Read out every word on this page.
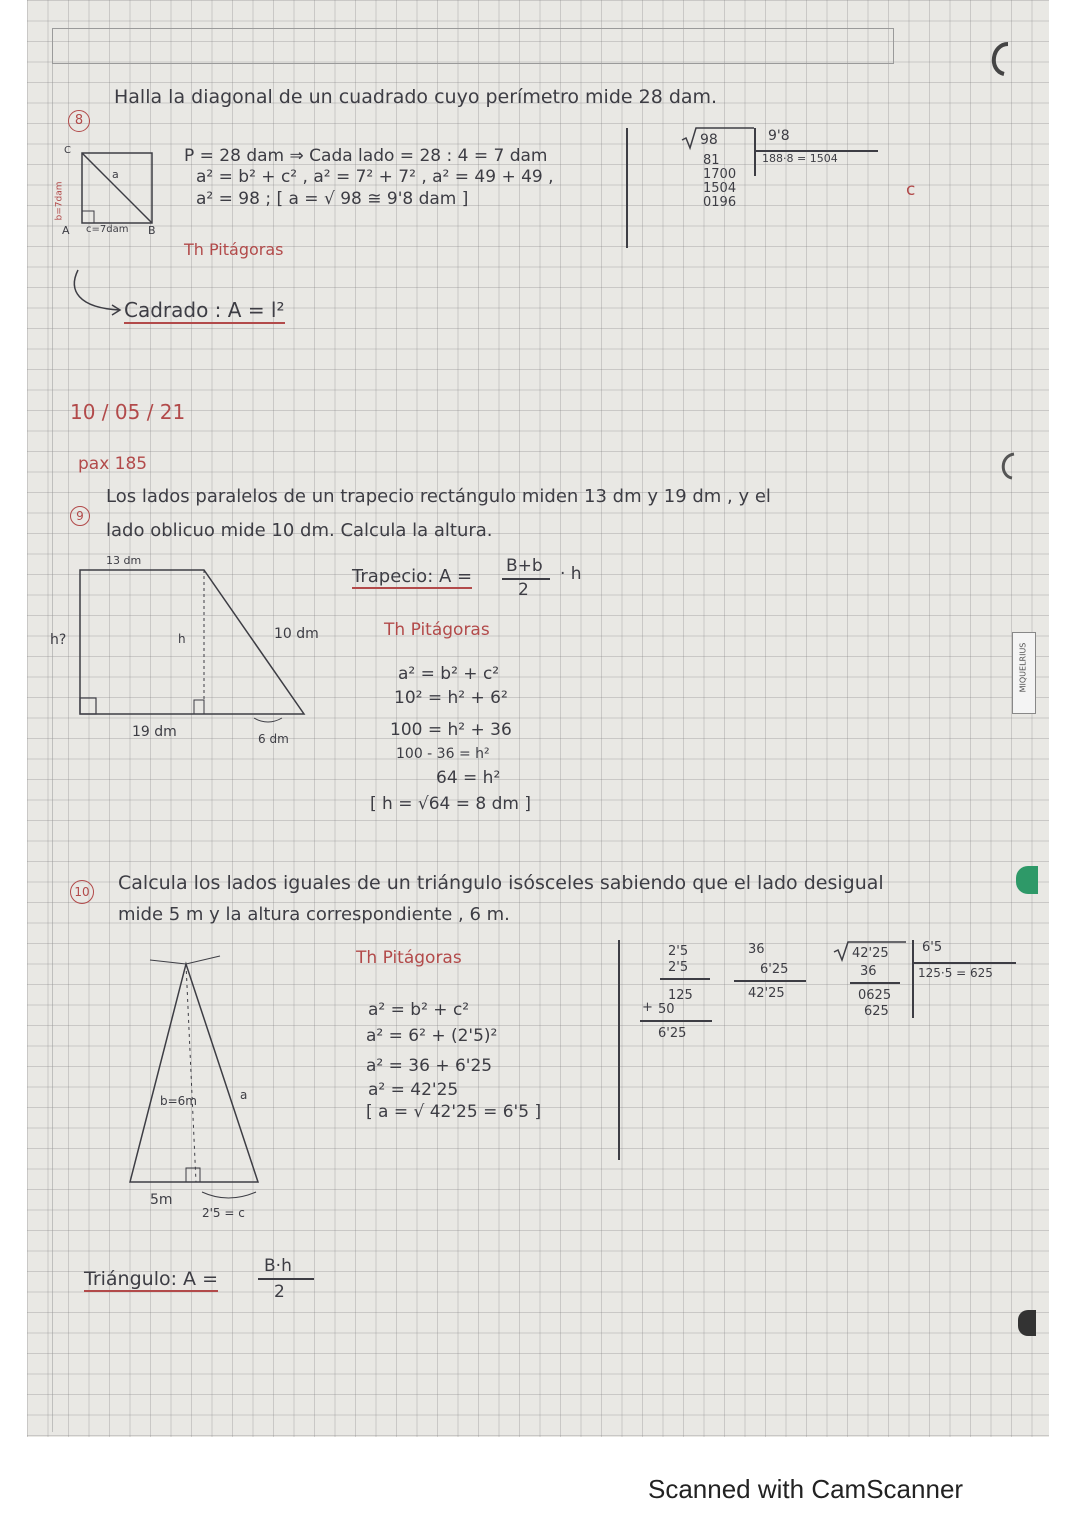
8
Halla la diagonal de un cuadrado cuyo perímetro mide 28 dam.
a
A c=7dam B
C
b=7dam
P = 28 dam ⇒ Cada lado = 28 : 4 = 7 dam
a² = b² + c² , a² = 7² + 7² , a² = 49 + 49 ,
a² = 98 ; [ a = √ 98 ≅ 9'8 dam ]
Th Pitágoras
Cadrado : A = l²
98	9'8
188·8 = 1504
81
1700
1504
0196
c
10 / 05 / 21
pax 185
9
Los lados paralelos de un trapecio rectángulo miden 13 dm y 19 dm , y el
lado oblicuo mide 10 dm. Calcula la altura.
13 dm
h?	h	10 dm
19 dm	6 dm
Trapecio: A = B+b
2
· h
Th Pitágoras
a² = b² + c²
10² = h² + 6²
100 = h² + 36
100 - 36 = h²
64 = h²
[ h = √64 = 8 dm ]
10 Calcula los lados iguales de un triángulo isósceles sabiendo que el lado desigual
mide 5 m y la altura correspondiente , 6 m.
b=6m	a
5m
2'5 = c
Th Pitágoras
a² = b² + c²
a² = 6² + (2'5)²
a² = 36 + 6'25
a² = 42'25
[ a = √ 42'25 = 6'5 ]
2'5
2'5
125
+ 50
6'25
36
6'25
42'25
42'25	6'5
125·5 = 625
36
0625
625
Triángulo: A =
B·h
2
MIQUELRIUS
Scanned with CamScanner
